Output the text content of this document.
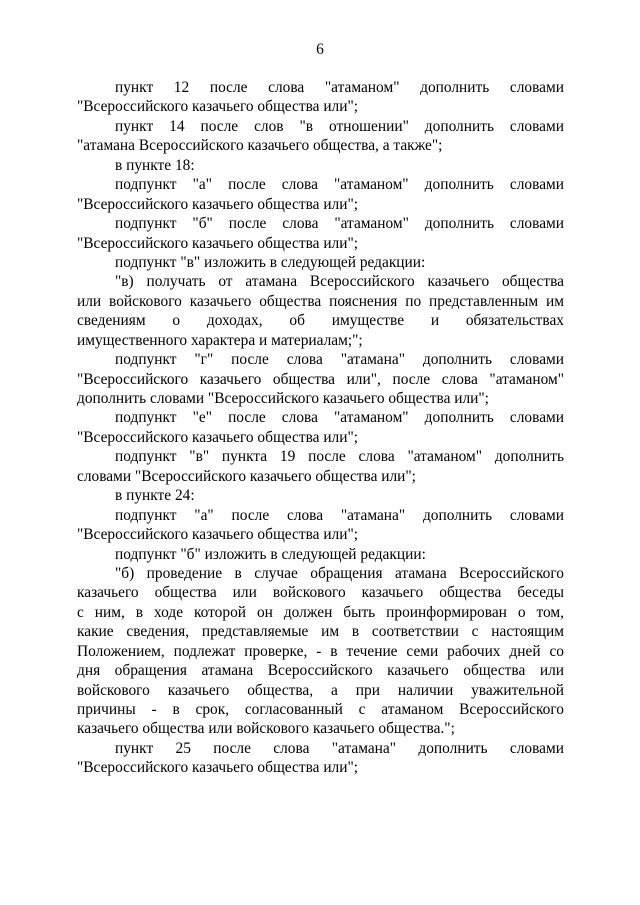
6
пункт 12 после слова "атаманом" дополнить словами
"Всероссийского казачьего общества или";
пункт 14 после слов "в отношении" дополнить словами
"атамана Всероссийского казачьего общества, а также";
в пункте 18:
подпункт "а" после слова "атаманом" дополнить словами
"Всероссийского казачьего общества или";
подпункт "б" после слова "атаманом" дополнить словами
"Всероссийского казачьего общества или";
подпункт "в" изложить в следующей редакции:
"в) получать от атамана Всероссийского казачьего общества
или войскового казачьего общества пояснения по представленным им
сведениям о доходах, об имуществе и обязательствах
имущественного характера и материалам;";
подпункт "г" после слова "атамана" дополнить словами
"Всероссийского казачьего общества или", после слова "атаманом"
дополнить словами "Всероссийского казачьего общества или";
подпункт "е" после слова "атаманом" дополнить словами
"Всероссийского казачьего общества или";
подпункт "в" пункта 19 после слова "атаманом" дополнить
словами "Всероссийского казачьего общества или";
в пункте 24:
подпункт "а" после слова "атамана" дополнить словами
"Всероссийского казачьего общества или";
подпункт "б" изложить в следующей редакции:
"б) проведение в случае обращения атамана Всероссийского
казачьего общества или войскового казачьего общества беседы
с ним, в ходе которой он должен быть проинформирован о том,
какие сведения, представляемые им в соответствии с настоящим
Положением, подлежат проверке, - в течение семи рабочих дней со
дня обращения атамана Всероссийского казачьего общества или
войскового казачьего общества, а при наличии уважительной
причины - в срок, согласованный с атаманом Всероссийского
казачьего общества или войскового казачьего общества.";
пункт 25 после слова "атамана" дополнить словами
"Всероссийского казачьего общества или";
